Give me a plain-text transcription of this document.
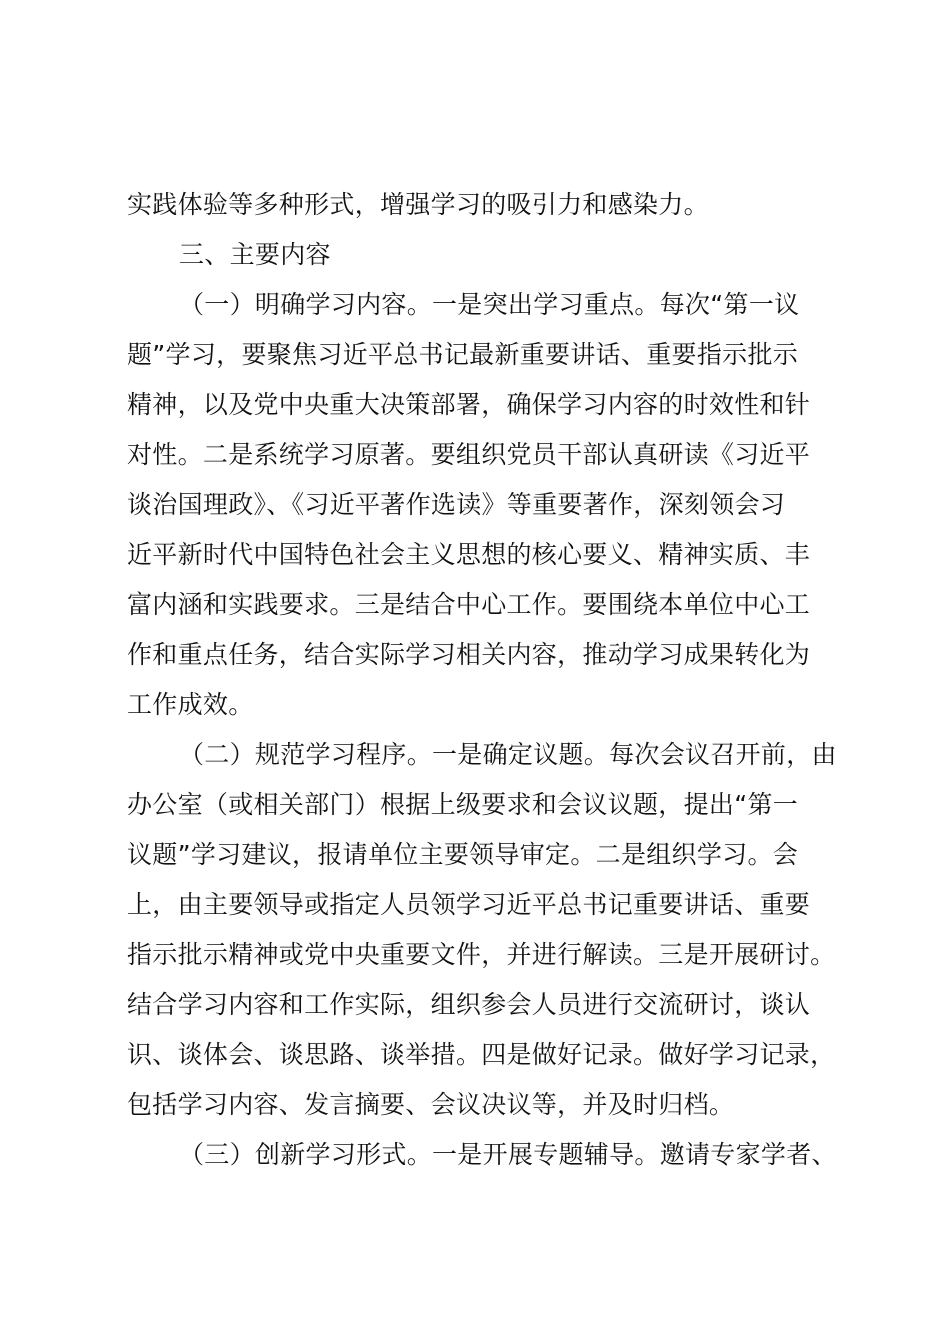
实践体验等多种形式，增强学习的吸引力和感染力。
三、主要内容
（一）明确学习内容。一是突出学习重点。每次“第一议
题”学习，要聚焦习近平总书记最新重要讲话、重要指示批示
精神，以及党中央重大决策部署，确保学习内容的时效性和针
对性。二是系统学习原著。要组织党员干部认真研读《习近平
谈治国理政》、《习近平著作选读》等重要著作，深刻领会习
近平新时代中国特色社会主义思想的核心要义、精神实质、丰
富内涵和实践要求。三是结合中心工作。要围绕本单位中心工
作和重点任务，结合实际学习相关内容，推动学习成果转化为
工作成效。
（二）规范学习程序。一是确定议题。每次会议召开前，由
办公室（或相关部门）根据上级要求和会议议题，提出“第一
议题”学习建议，报请单位主要领导审定。二是组织学习。会
上，由主要领导或指定人员领学习近平总书记重要讲话、重要
指示批示精神或党中央重要文件，并进行解读。三是开展研讨。
结合学习内容和工作实际，组织参会人员进行交流研讨，谈认
识、谈体会、谈思路、谈举措。四是做好记录。做好学习记录，
包括学习内容、发言摘要、会议决议等，并及时归档。
（三）创新学习形式。一是开展专题辅导。邀请专家学者、
